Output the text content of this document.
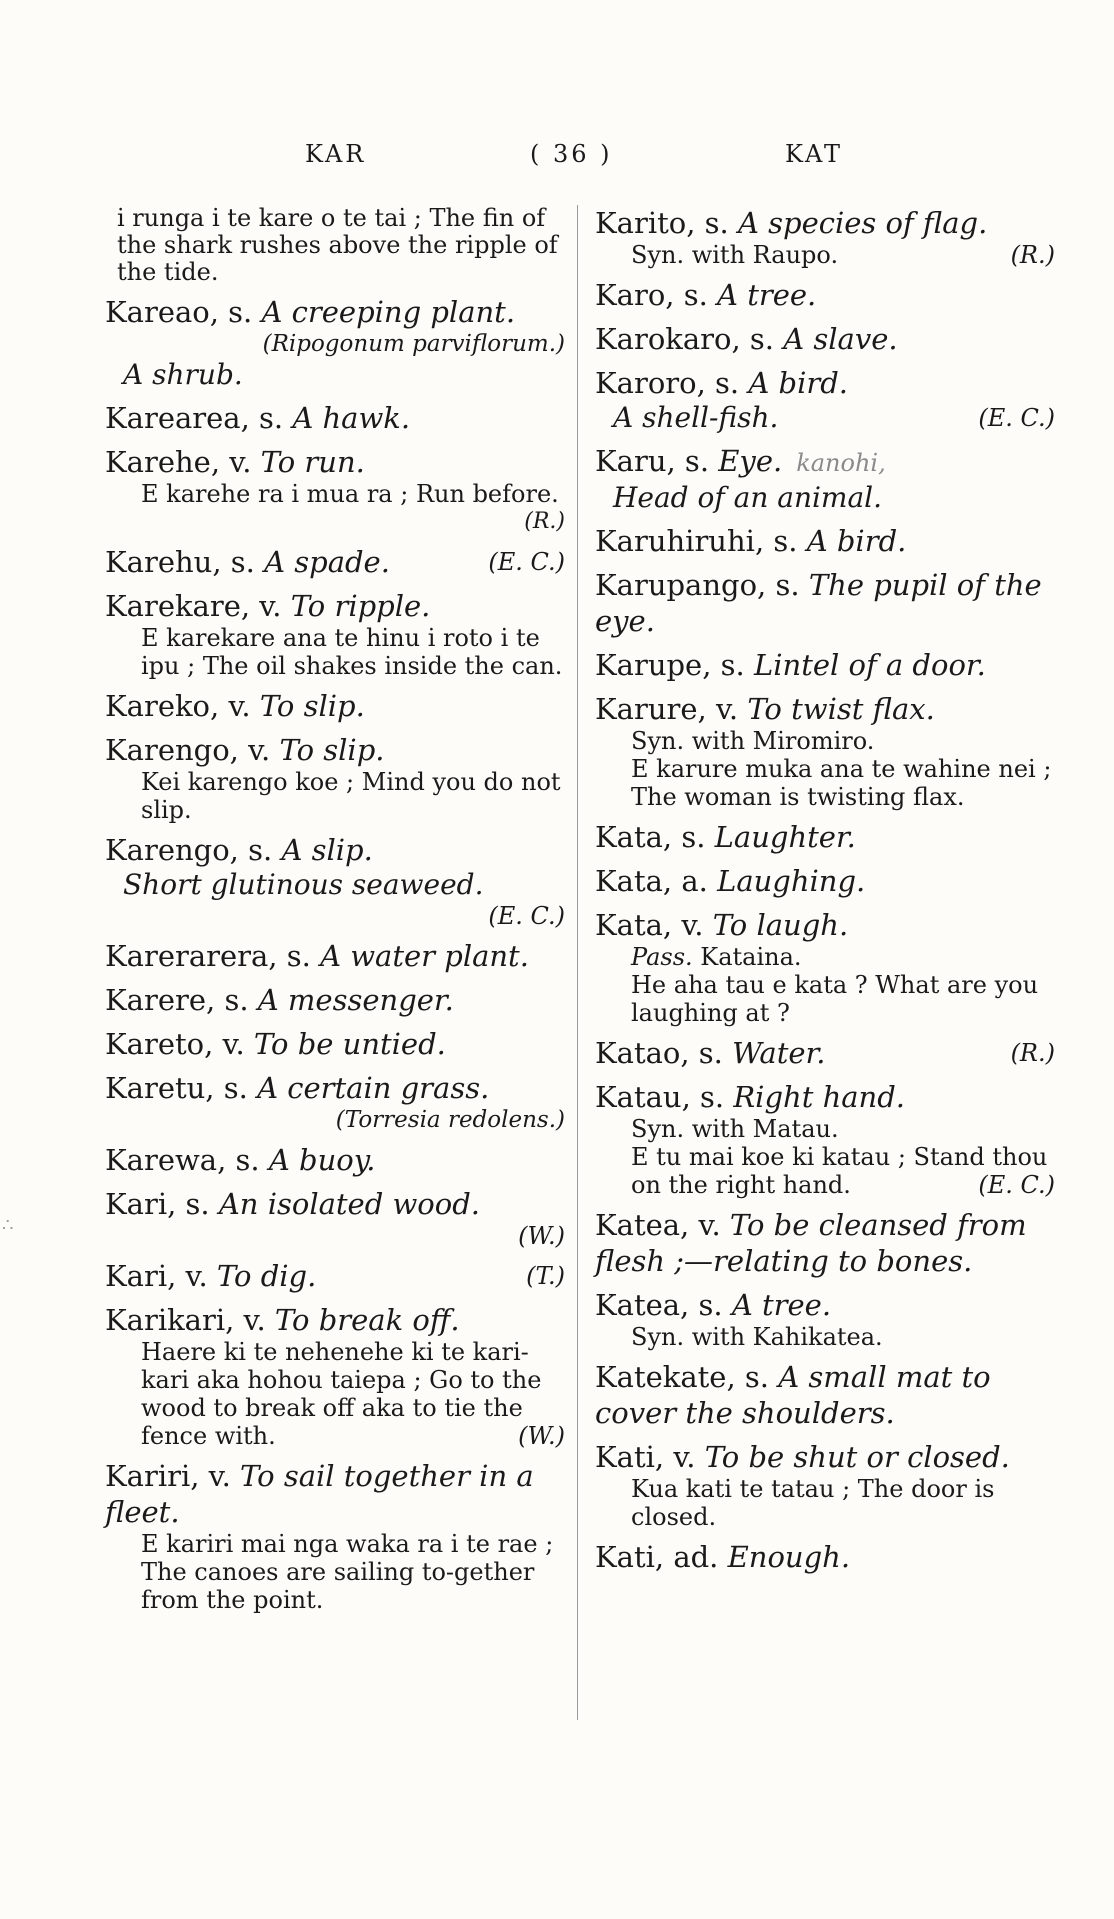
KAR	( 36 )	KAT
∴
i runga i te kare o te tai ; The fin of the shark rushes above the ripple of the tide.
Kareao, s. A creeping plant.
(Ripogonum parviflorum.)
A shrub.
Karearea, s. A hawk.
Karehe, v. To run.
E karehe ra i mua ra ; Run before.
(R.)
Karehu, s. A spade.	(E. C.)
Karekare, v. To ripple.
E karekare ana te hinu i roto i te ipu ; The oil shakes inside the can.
Kareko, v. To slip.
Karengo, v. To slip.
Kei karengo koe ; Mind you do not slip.
Karengo, s. A slip.
Short glutinous seaweed.
(E. C.)
Karerarera, s. A water plant.
Karere, s. A messenger.
Kareto, v. To be untied.
Karetu, s. A certain grass.
(Torresia redolens.)
Karewa, s. A buoy.
Kari, s. An isolated wood.
(W.)
Kari, v. To dig.	(T.)
Karikari, v. To break off.
Haere ki te nehenehe ki te kari-kari aka hohou taiepa ; Go to the wood to break off aka to tie the fence with.	(W.)
Kariri, v. To sail together in a fleet.
E kariri mai nga waka ra i te rae ; The canoes are sailing to-gether from the point.
Karito, s. A species of flag.
Syn. with Raupo.	(R.)
Karo, s. A tree.
Karokaro, s. A slave.
Karoro, s. A bird.
A shell-fish.	(E. C.)
Karu, s. Eye. kanohi,
Head of an animal.
Karuhiruhi, s. A bird.
Karupango, s. The pupil of the eye.
Karupe, s. Lintel of a door.
Karure, v. To twist flax.
Syn. with Miromiro.
E karure muka ana te wahine nei ; The woman is twisting flax.
Kata, s. Laughter.
Kata, a. Laughing.
Kata, v. To laugh.
Pass. Kataina.
He aha tau e kata ? What are you laughing at ?
Katao, s. Water.	(R.)
Katau, s. Right hand.
Syn. with Matau.
E tu mai koe ki katau ; Stand thou on the right hand.	(E. C.)
Katea, v. To be cleansed from flesh ;—relating to bones.
Katea, s. A tree.
Syn. with Kahikatea.
Katekate, s. A small mat to cover the shoulders.
Kati, v. To be shut or closed.
Kua kati te tatau ; The door is closed.
Kati, ad. Enough.
